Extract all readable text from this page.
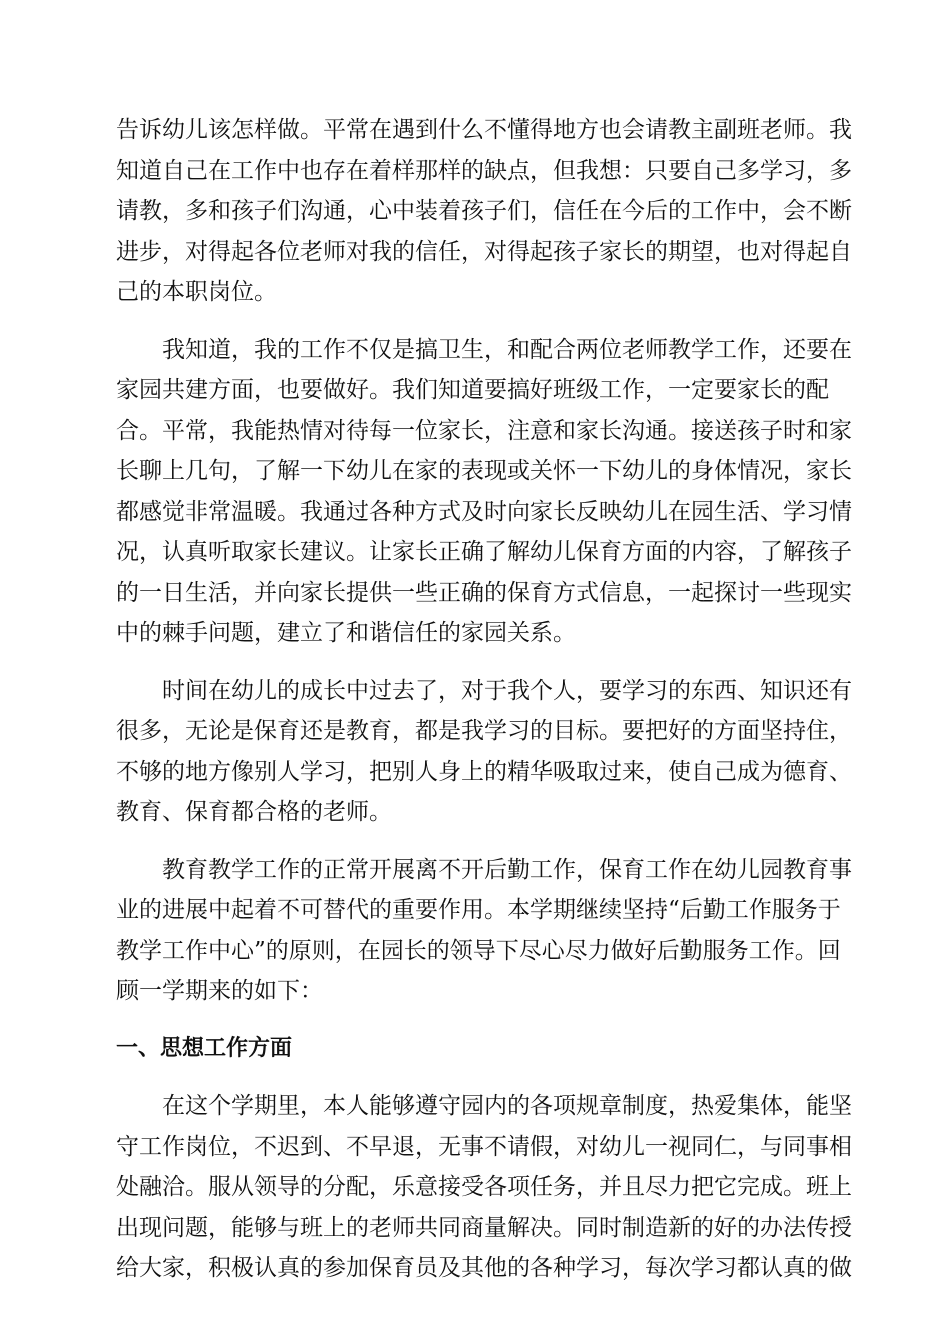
告诉幼儿该怎样做。平常在遇到什么不懂得地方也会请教主副班老师。我
知道自己在工作中也存在着样那样的缺点，但我想：只要自己多学习，多
请教，多和孩子们沟通，心中装着孩子们，信任在今后的工作中，会不断
进步，对得起各位老师对我的信任，对得起孩子家长的期望，也对得起自
己的本职岗位。
我知道，我的工作不仅是搞卫生，和配合两位老师教学工作，还要在
家园共建方面，也要做好。我们知道要搞好班级工作，一定要家长的配
合。平常，我能热情对待每一位家长，注意和家长沟通。接送孩子时和家
长聊上几句，了解一下幼儿在家的表现或关怀一下幼儿的身体情况，家长
都感觉非常温暖。我通过各种方式及时向家长反映幼儿在园生活、学习情
况，认真听取家长建议。让家长正确了解幼儿保育方面的内容，了解孩子
的一日生活，并向家长提供一些正确的保育方式信息，一起探讨一些现实
中的棘手问题，建立了和谐信任的家园关系。
时间在幼儿的成长中过去了，对于我个人，要学习的东西、知识还有
很多，无论是保育还是教育，都是我学习的目标。要把好的方面坚持住，
不够的地方像别人学习，把别人身上的精华吸取过来，使自己成为德育、
教育、保育都合格的老师。
教育教学工作的正常开展离不开后勤工作，保育工作在幼儿园教育事
业的进展中起着不可替代的重要作用。本学期继续坚持“后勤工作服务于
教学工作中心”的原则，在园长的领导下尽心尽力做好后勤服务工作。回
顾一学期来的如下：
一、思想工作方面
在这个学期里，本人能够遵守园内的各项规章制度，热爱集体，能坚
守工作岗位，不迟到、不早退，无事不请假，对幼儿一视同仁，与同事相
处融洽。服从领导的分配，乐意接受各项任务，并且尽力把它完成。班上
出现问题，能够与班上的老师共同商量解决。同时制造新的好的办法传授
给大家，积极认真的参加保育员及其他的各种学习，每次学习都认真的做
